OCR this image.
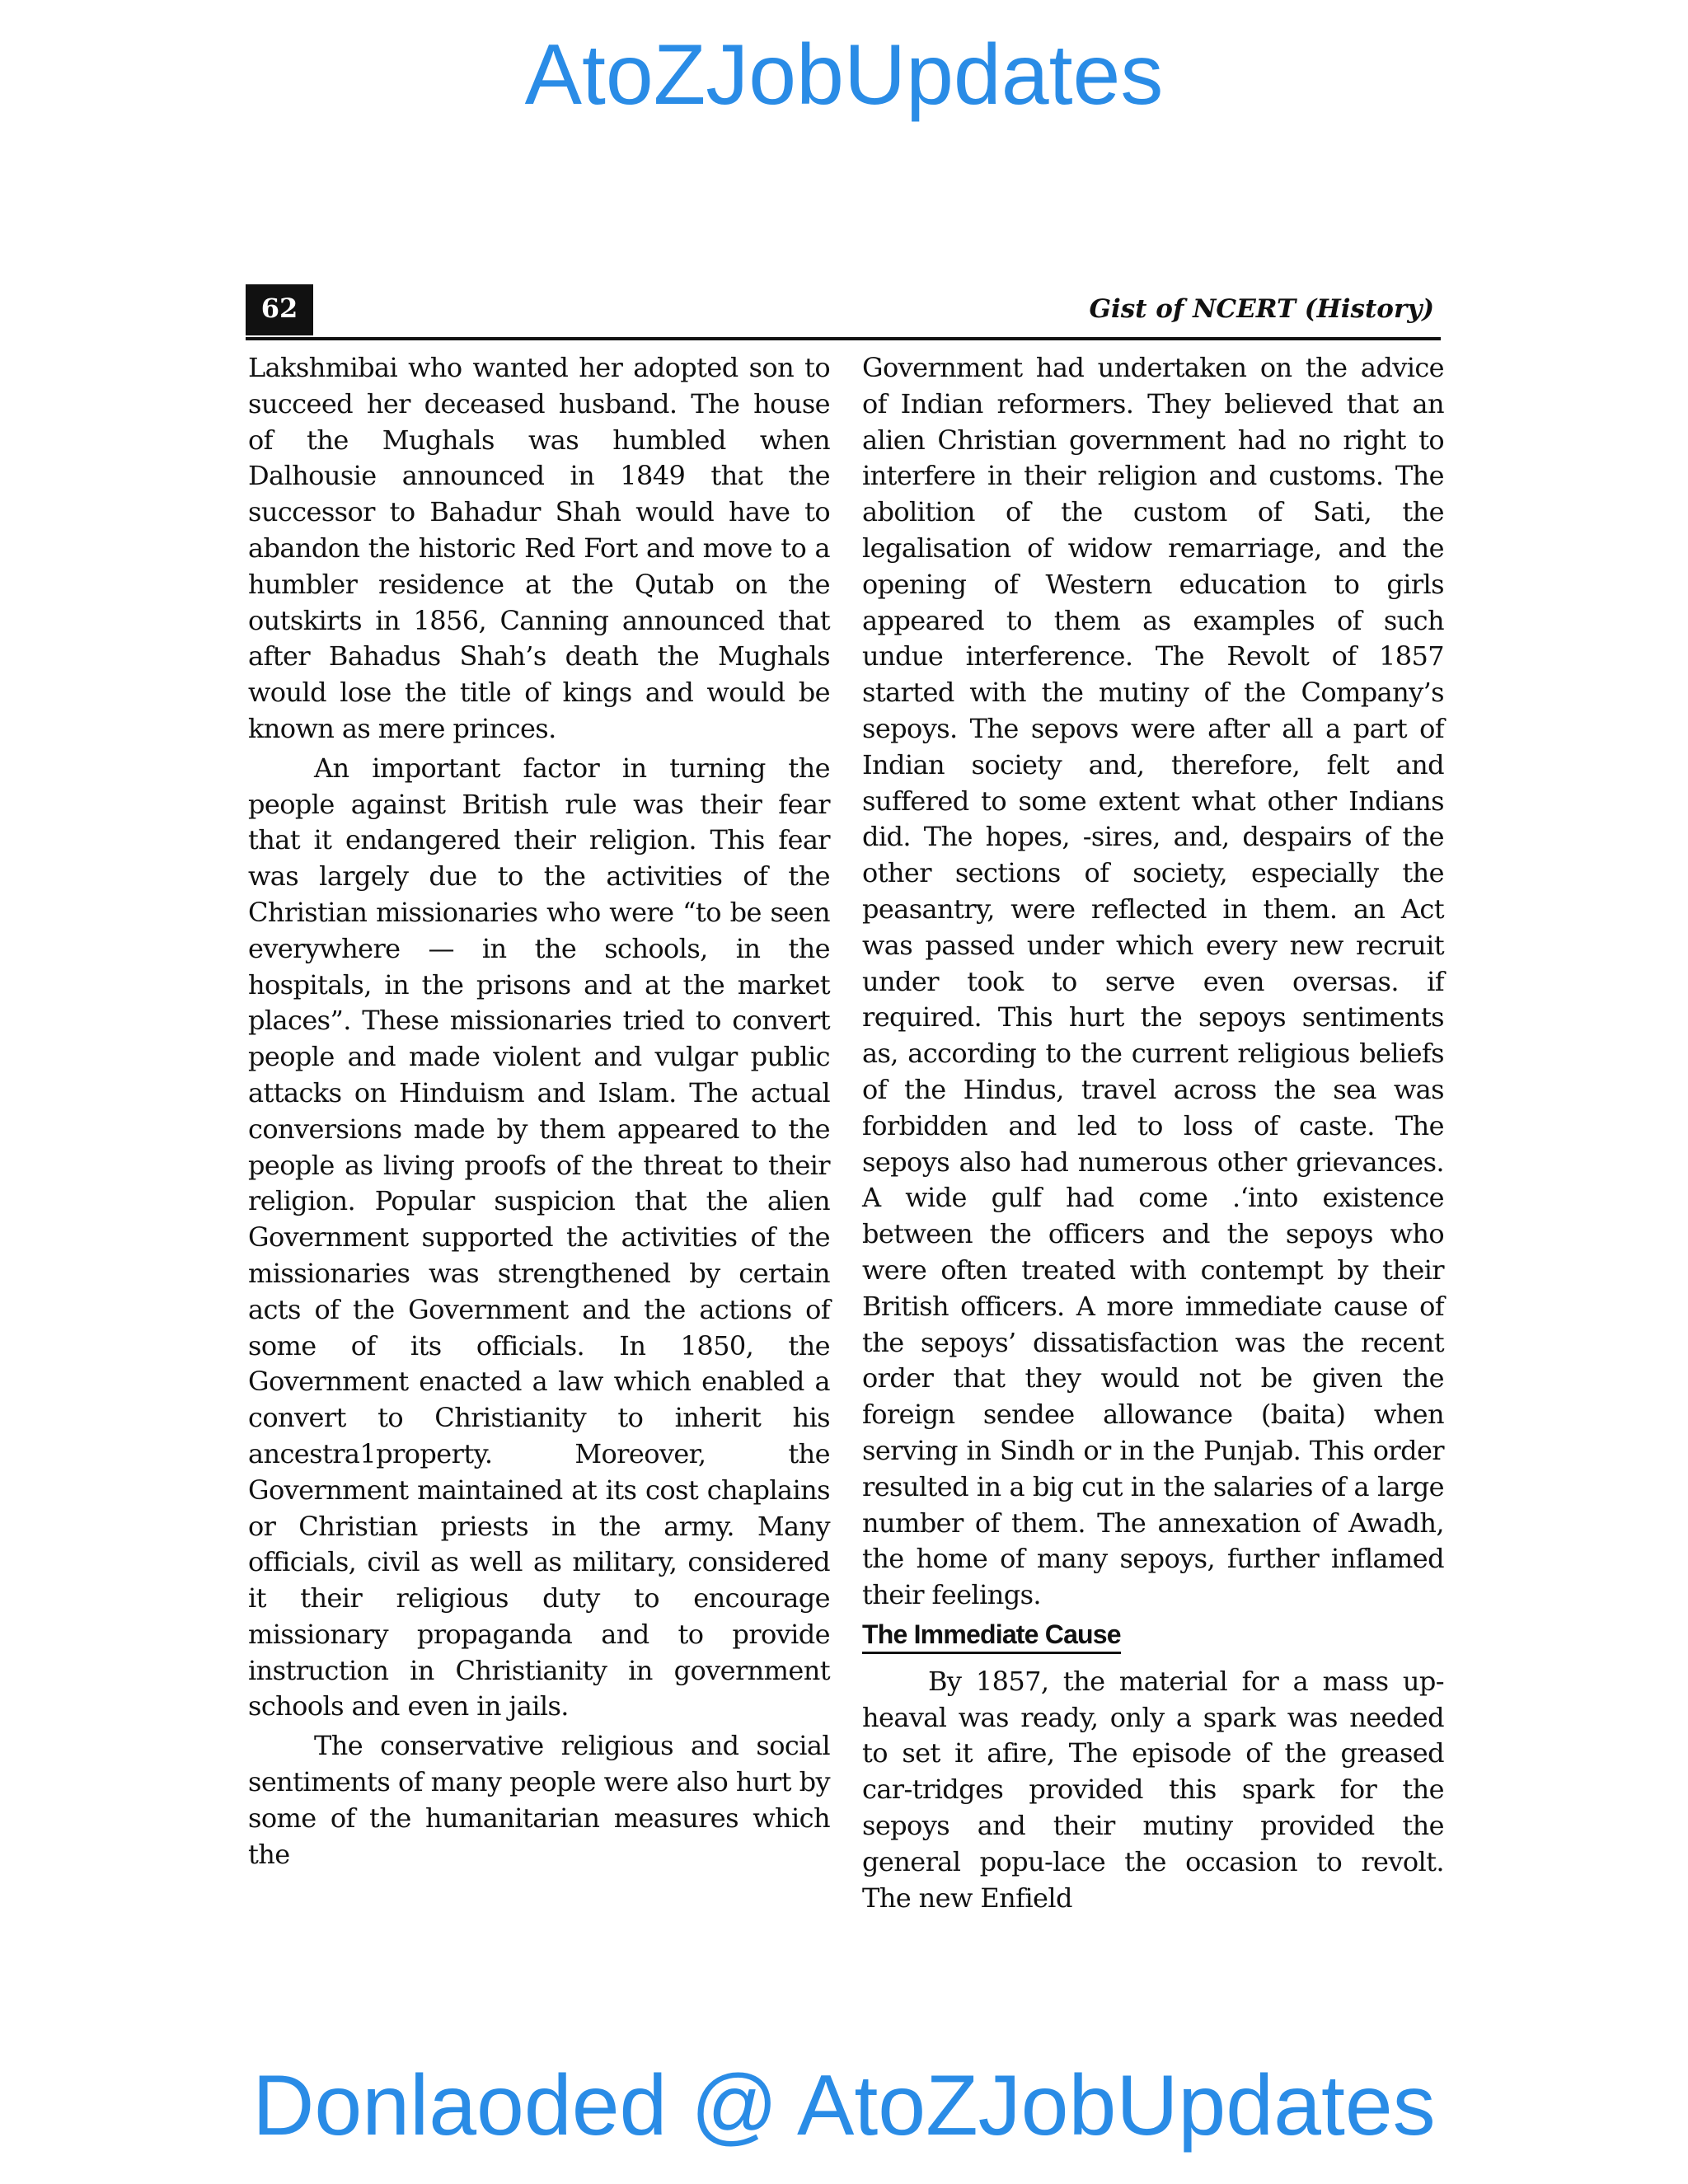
AtoZJobUpdates
62	Gist of NCERT (History)

Lakshmibai who wanted her adopted son to succeed her deceased husband. The house of the Mughals was humbled when Dalhousie announced in 1849 that the successor to Bahadur Shah would have to abandon the historic Red Fort and move to a humbler residence at the Qutab on the outskirts in 1856, Canning announced that after Bahadus Shah’s death the Mughals would lose the title of kings and would be known as mere princes.

An important factor in turning the people against British rule was their fear that it endangered their religion. This fear was largely due to the activities of the Christian missionaries who were “to be seen everywhere — in the schools, in the hospitals, in the prisons and at the market places”. These missionaries tried to convert people and made violent and vulgar public attacks on Hinduism and Islam. The actual conversions made by them appeared to the people as living proofs of the threat to their religion. Popular suspicion that the alien Government supported the activities of the missionaries was strengthened by certain acts of the Government and the actions of some of its officials. In 1850, the Government enacted a law which enabled a convert to Christianity to inherit his ancestra1property. Moreover, the Government maintained at its cost chaplains or Christian priests in the army. Many officials, civil as well as military, considered it their religious duty to encourage missionary propaganda and to provide instruction in Christianity in government schools and even in jails.

The conservative religious and social sentiments of many people were also hurt by some of the humanitarian measures which the

Government had undertaken on the advice of Indian reformers. They believed that an alien Christian government had no right to interfere in their religion and customs. The abolition of the custom of Sati, the legalisation of widow remarriage, and the opening of Western education to girls appeared to them as examples of such undue interference. The Revolt of 1857 started with the mutiny of the Company’s sepoys. The sepovs were after all a part of Indian society and, therefore, felt and suffered to some extent what other Indians did. The hopes, -sires, and, despairs of the other sections of society, especially the peasantry, were reflected in them. an Act was passed under which every new recruit under took to serve even oversas. if required. This hurt the sepoys sentiments as, according to the current religious beliefs of the Hindus, travel across the sea was forbidden and led to loss of caste. The sepoys also had numerous other grievances. A wide gulf had come .‘into existence between the officers and the sepoys who were often treated with contempt by their British officers. A more immediate cause of the sepoys’ dissatisfaction was the recent order that they would not be given the foreign sendee allowance (baita) when serving in Sindh or in the Punjab. This order resulted in a big cut in the salaries of a large number of them. The annexation of Awadh, the home of many sepoys, further inflamed their feelings.

The Immediate Cause

By 1857, the material for a mass up-heaval was ready, only a spark was needed to set it afire, The episode of the greased car-tridges provided this spark for the sepoys and their mutiny provided the general popu-lace the occasion to revolt. The new Enfield

Donlaoded @ AtoZJobUpdates
